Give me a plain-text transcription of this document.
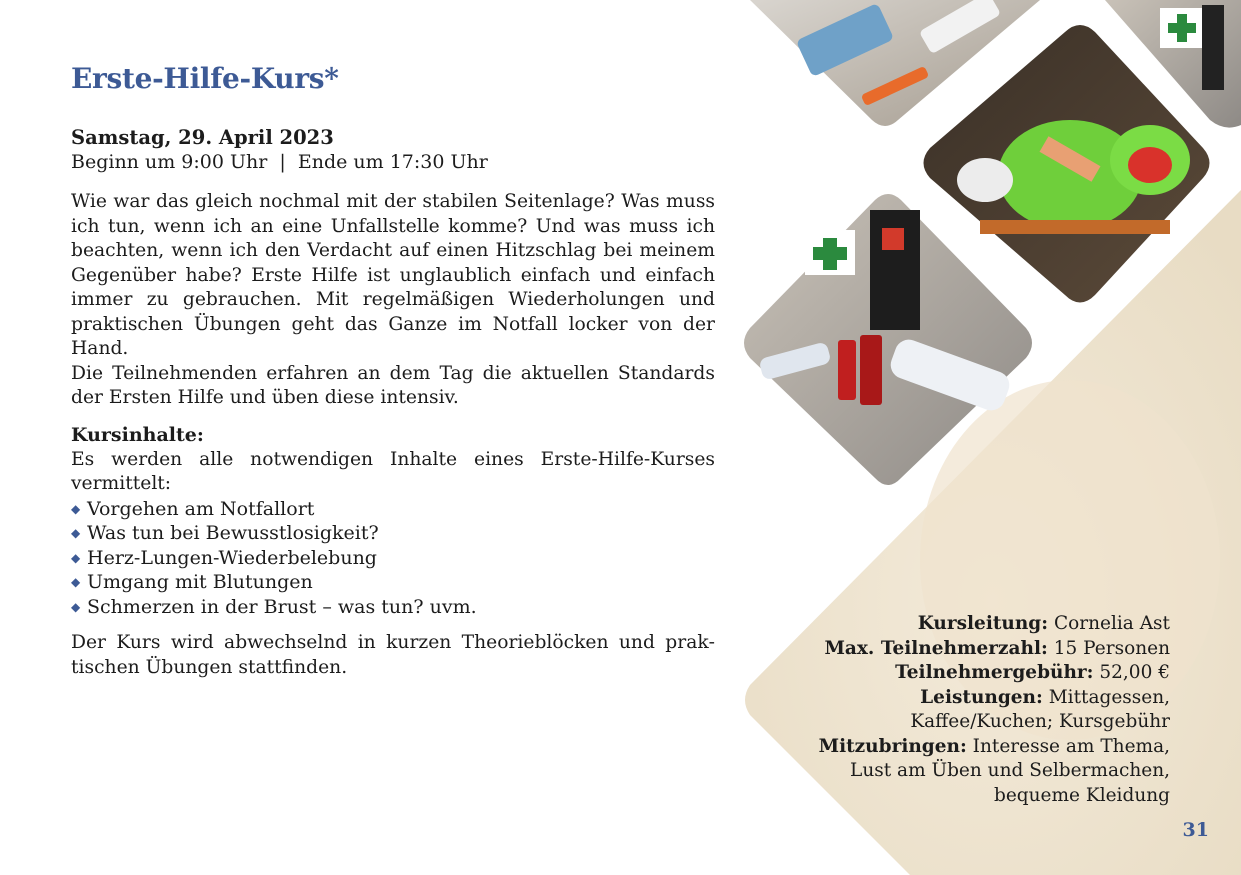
Erste-Hilfe-Kurs*

Samstag, 29. April 2023

Beginn um 9:00 Uhr  |  Ende um 17:30 Uhr

Wie war das gleich nochmal mit der stabilen Seitenlage? Was muss ich tun, wenn ich an eine Unfallstelle komme? Und was muss ich beachten, wenn ich den Verdacht auf einen Hitzschlag bei meinem Gegenüber habe? Erste Hilfe ist unglaublich einfach und einfach immer zu gebrauchen. Mit regelmäßigen Wiederholungen und praktischen Übungen geht das Ganze im Notfall locker von der Hand.

Die Teilnehmenden erfahren an dem Tag die aktuellen Standards der Ersten Hilfe und üben diese intensiv.

Kursinhalte:

Es werden alle notwendigen Inhalte eines Erste-Hilfe-Kurses vermittelt:

◆ Vorgehen am Notfallort
◆ Was tun bei Bewusstlosigkeit?
◆ Herz-Lungen-Wiederbelebung
◆ Umgang mit Blutungen
◆ Schmerzen in der Brust – was tun? uvm.

Der Kurs wird abwechselnd in kurzen Theorieblöcken und praktischen Übungen stattfinden.

Kursleitung: Cornelia Ast

Max. Teilnehmerzahl: 15 Personen

Teilnehmergebühr: 52,00 €

Leistungen: Mittagessen,

Kaffee/Kuchen; Kursgebühr

Mitzubringen: Interesse am Thema,

Lust am Üben und Selbermachen,

bequeme Kleidung

31
